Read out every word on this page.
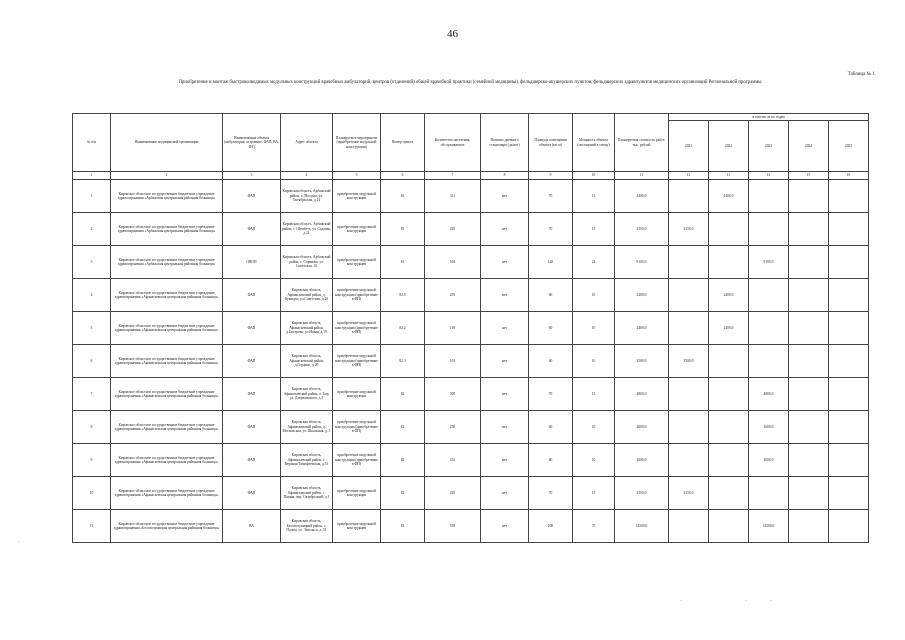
46
Таблица № 1
Приобретение и монтаж быстровозводимых модульных конструкций врачебных амбулаторий, центров (отделений) общей врачебной практики (семейной медицины), фельдшерско-акушерских пунктов, фельдшерских здравпунктов медицинских организаций Региональной программы
№ п/п	Наименование медицинской организации	Наименование объекта (амбулатория, отделение, ФАП, ВА, ФЗ)	Адрес объекта	Планируемое мероприятие (приобретение модульной конструкции)	Номер пункта	Количество населения, обслуживаемое	Наличие дневного стационара (да/нет)	Площадь помещения объекта (кв. м)	Мощность объекта (посещений в смену)	Планируемая стоимость работ, тыс. рублей	в том числе по годам				
											2021	2022	2023	2024	2025
1	2	3	4	5	6	7	8	9	10	11	12	13	14	15	16
1	Кировское областное государственное бюджетное учреждение здравоохранения «Арбажская центральная районная больница»	ФАП	Кировская область, Арбажский район, с. Мосуны, ул. Октябрьская, д.14	приобретение модульной конструкции	81	311	нет	70	15	4400,0		4400,0			
2	Кировское областное государственное бюджетное учреждение здравоохранения «Арбажская центральная районная больница»	ФАП	Кировская область, Арбажский район, с. Шембеть, ул. Садовая, д.21	приобретение модульной конструкции	81	245	нет	70	15	4150,0	4150,0				
3	Кировское областное государственное бюджетное учреждение здравоохранения «Арбажская центральная районная больница»	ОВОП	Кировская область, Арбажский район, с. Сорвижи, ул. Советская, 10	приобретение модульной конструкции	81	592	нет	120	22	9100,0			9100,0		
4	Кировское областное государственное бюджетное учреждение здравоохранения «Афанасьевская центральная районная больница»	ФАП	Кировская область, Афанасьевский район, д. Кувакуш, ул.Советская, д.26	приобретение модульной конструкции (приобретение в ФП)	82.3	205	нет	60	10	2400,0		2400,0			
5	Кировское областное государственное бюджетное учреждение здравоохранения «Афанасьевская центральная районная больница»	ФАП	Кировская область, Афанасьевский район, д.Бисерово, ул.Новая, д.19	приобретение модульной конструкции (приобретение в ФП)	82.2	118	нет	60	10	2400,0		2400,0			
6	Кировское областное государственное бюджетное учреждение здравоохранения «Афанасьевская центральная районная больница»	ФАП	Кировская область, Афанасьевский район, д.Гордино, д.20	приобретение модульной конструкции (приобретение в ФП)	82.3	161	нет	60	10	3500,0	3500,0				
7	Кировское областное государственное бюджетное учреждение здравоохранения «Афанасьевская центральная районная больница»	ФАП	Кировская область, Афанасьевский район, п. Бор, ул. Дзержинского, д.3	приобретение модульной конструкции	82	509	нет	70	15	4800,0			4800,0		
8	Кировское областное государственное бюджетное учреждение здравоохранения «Афанасьевская центральная районная больница»	ФАП	Кировская область, Афанасьевский район, д. Московская, ул. Школьная, д. 5	приобретение модульной конструкции (приобретение в ФП)	82	250	нет	60	10	2600,0			2600,0		
9	Кировское областное государственное бюджетное учреждение здравоохранения «Афанасьевская центральная районная больница»	ФАП	Кировская область, Афанасьевский район, с. Верхняя Тимофеевская, д.51	приобретение модульной конструкции (приобретение в ФП)	82	252	нет	60	10	2600,0			2600,0		
10	Кировское областное государственное бюджетное учреждение здравоохранения «Афанасьевская центральная районная больница»	ФАП	Кировская область, Афанасьевский район, с. Пашня, пер. Октябрьский, д.1	приобретение модульной конструкции	82	245	нет	70	15	4150,0	4150,0				
11	Кировское областное государственное бюджетное учреждение здравоохранения «Белохолуницкая центральная районная больница»	ВА	Кировская область, Белохолуницкий район, с. Полом, ул. Энгельса, д. 51	приобретение модульной конструкции	83	539	нет	200	37	14500,0			14500,0		
·
·	·	·
